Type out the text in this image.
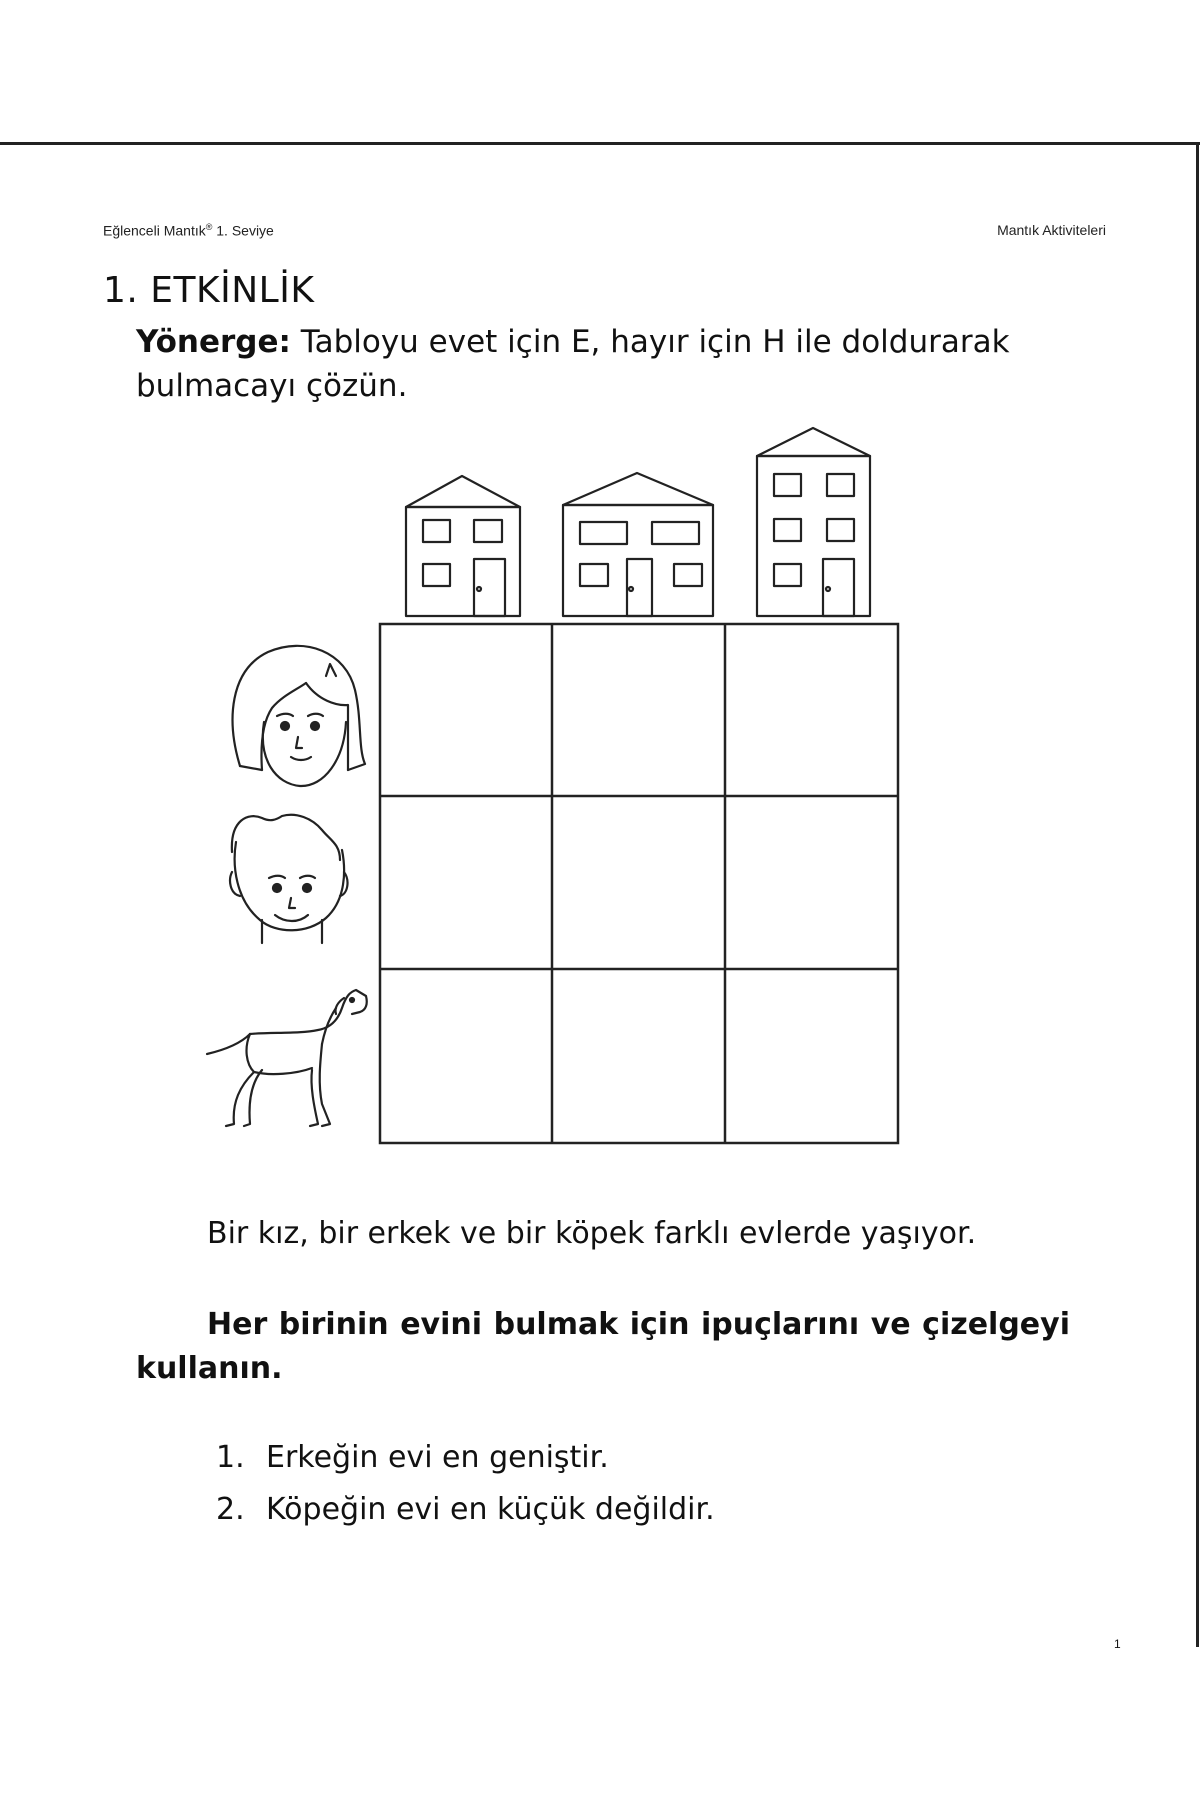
Eğlenceli Mantık® 1. Seviye	Mantık Aktiviteleri
1. ETKİNLİK
Yönerge: Tabloyu evet için E, hayır için H ile doldurarak bulmacayı çözün.
Bir kız, bir erkek ve bir köpek farklı evlerde yaşıyor.
Her birinin evini bulmak için ipuçlarını ve çizelgeyi kullanın.
1. Erkeğin evi en geniştir.
2. Köpeğin evi en küçük değildir.
1
